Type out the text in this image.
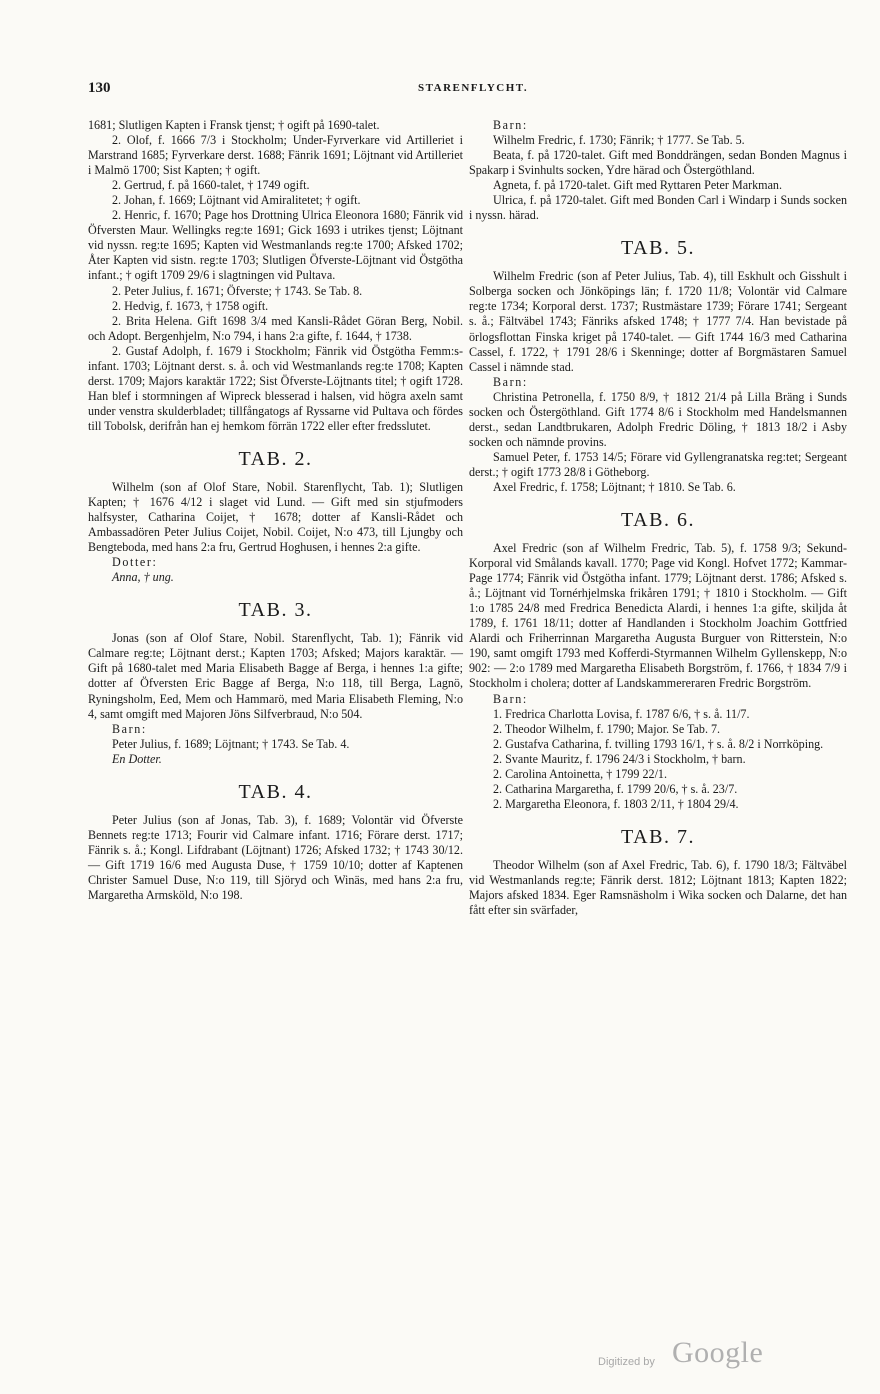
130	STARENFLYCHT.

1681; Slutligen Kapten i Fransk tjenst; † ogift på 1690-talet.

2. Olof, f. 1666 7/3 i Stockholm; Under-Fyrverkare vid Artilleriet i Marstrand 1685; Fyrverkare derst. 1688; Fänrik 1691; Löjtnant vid Artilleriet i Malmö 1700; Sist Kapten; † ogift.

2. Gertrud, f. på 1660-talet, † 1749 ogift.

2. Johan, f. 1669; Löjtnant vid Amiralitetet; † ogift.

2. Henric, f. 1670; Page hos Drottning Ulrica Eleonora 1680; Fänrik vid Öfversten Maur. Wellingks reg:te 1691; Gick 1693 i utrikes tjenst; Löjtnant vid nyssn. reg:te 1695; Kapten vid Westmanlands reg:te 1700; Afsked 1702; Åter Kapten vid sistn. reg:te 1703; Slutligen Öfverste-Löjtnant vid Östgötha infant.; † ogift 1709 29/6 i slagtningen vid Pultava.

2. Peter Julius, f. 1671; Öfverste; † 1743. Se Tab. 8.

2. Hedvig, f. 1673, † 1758 ogift.

2. Brita Helena. Gift 1698 3/4 med Kansli-Rådet Göran Berg, Nobil. och Adopt. Bergenhjelm, N:o 794, i hans 2:a gifte, f. 1644, † 1738.

2. Gustaf Adolph, f. 1679 i Stockholm; Fänrik vid Östgötha Femm:s-infant. 1703; Löjtnant derst. s. å. och vid Westmanlands reg:te 1708; Kapten derst. 1709; Majors karaktär 1722; Sist Öfverste-Löjtnants titel; † ogift 1728. Han blef i stormningen af Wipreck blesserad i halsen, vid högra axeln samt under venstra skulderbladet; tillfångatogs af Ryssarne vid Pultava och fördes till Tobolsk, derifrån han ej hemkom förrän 1722 eller efter fredsslutet.

TAB. 2.

Wilhelm (son af Olof Stare, Nobil. Starenflycht, Tab. 1); Slutligen Kapten; † 1676 4/12 i slaget vid Lund. — Gift med sin stjufmoders halfsyster, Catharina Coijet, † 1678; dotter af Kansli-Rådet och Ambassadören Peter Julius Coijet, Nobil. Coijet, N:o 473, till Ljungby och Bengteboda, med hans 2:a fru, Gertrud Hoghusen, i hennes 2:a gifte.

Dotter:

Anna, † ung.

TAB. 3.

Jonas (son af Olof Stare, Nobil. Starenflycht, Tab. 1); Fänrik vid Calmare reg:te; Löjtnant derst.; Kapten 1703; Afsked; Majors karaktär. — Gift på 1680-talet med Maria Elisabeth Bagge af Berga, i hennes 1:a gifte; dotter af Öfversten Eric Bagge af Berga, N:o 118, till Berga, Lagnö, Ryningsholm, Eed, Mem och Hammarö, med Maria Elisabeth Fleming, N:o 4, samt omgift med Majoren Jöns Silfverbraud, N:o 504.

Barn:

Peter Julius, f. 1689; Löjtnant; † 1743. Se Tab. 4.

En Dotter.

TAB. 4.

Peter Julius (son af Jonas, Tab. 3), f. 1689; Volontär vid Öfverste Bennets reg:te 1713; Fourir vid Calmare infant. 1716; Förare derst. 1717; Fänrik s. å.; Kongl. Lifdrabant (Löjtnant) 1726; Afsked 1732; † 1743 30/12. — Gift 1719 16/6 med Augusta Duse, † 1759 10/10; dotter af Kaptenen Christer Samuel Duse, N:o 119, till Sjöryd och Winäs, med hans 2:a fru, Margaretha Armsköld, N:o 198.

Barn:

Wilhelm Fredric, f. 1730; Fänrik; † 1777. Se Tab. 5.

Beata, f. på 1720-talet. Gift med Bonddrängen, sedan Bonden Magnus i Spakarp i Svinhults socken, Ydre härad och Östergöthland.

Agneta, f. på 1720-talet. Gift med Ryttaren Peter Markman.

Ulrica, f. på 1720-talet. Gift med Bonden Carl i Windarp i Sunds socken i nyssn. härad.

TAB. 5.

Wilhelm Fredric (son af Peter Julius, Tab. 4), till Eskhult och Gisshult i Solberga socken och Jönköpings län; f. 1720 11/8; Volontär vid Calmare reg:te 1734; Korporal derst. 1737; Rustmästare 1739; Förare 1741; Sergeant s. å.; Fältväbel 1743; Fänriks afsked 1748; † 1777 7/4. Han bevistade på örlogsflottan Finska kriget på 1740-talet. — Gift 1744 16/3 med Catharina Cassel, f. 1722, † 1791 28/6 i Skenninge; dotter af Borgmästaren Samuel Cassel i nämnde stad.

Barn:

Christina Petronella, f. 1750 8/9, † 1812 21/4 på Lilla Bräng i Sunds socken och Östergöthland. Gift 1774 8/6 i Stockholm med Handelsmannen derst., sedan Landtbrukaren, Adolph Fredric Döling, † 1813 18/2 i Asby socken och nämnde provins.

Samuel Peter, f. 1753 14/5; Förare vid Gyllengranatska reg:tet; Sergeant derst.; † ogift 1773 28/8 i Götheborg.

Axel Fredric, f. 1758; Löjtnant; † 1810. Se Tab. 6.

TAB. 6.

Axel Fredric (son af Wilhelm Fredric, Tab. 5), f. 1758 9/3; Sekund-Korporal vid Smålands kavall. 1770; Page vid Kongl. Hofvet 1772; Kammar-Page 1774; Fänrik vid Östgötha infant. 1779; Löjtnant derst. 1786; Afsked s. å.; Löjtnant vid Tornérhjelmska frikåren 1791; † 1810 i Stockholm. — Gift 1:o 1785 24/8 med Fredrica Benedicta Alardi, i hennes 1:a gifte, skiljda åt 1789, f. 1761 18/11; dotter af Handlanden i Stockholm Joachim Gottfried Alardi och Friherrinnan Margaretha Augusta Burguer von Ritterstein, N:o 190, samt omgift 1793 med Kofferdi-Styrmannen Wilhelm Gyllenskepp, N:o 902: — 2:o 1789 med Margaretha Elisabeth Borgström, f. 1766, † 1834 7/9 i Stockholm i cholera; dotter af Landskammereraren Fredric Borgström.

Barn:

1. Fredrica Charlotta Lovisa, f. 1787 6/6, † s. å. 11/7.

2. Theodor Wilhelm, f. 1790; Major. Se Tab. 7.

2. Gustafva Catharina, f. tvilling 1793 16/1, † s. å. 8/2 i Norrköping.

2. Svante Mauritz, f. 1796 24/3 i Stockholm, † barn.

2. Carolina Antoinetta, † 1799 22/1.

2. Catharina Margaretha, f. 1799 20/6, † s. å. 23/7.

2. Margaretha Eleonora, f. 1803 2/11, † 1804 29/4.

TAB. 7.

Theodor Wilhelm (son af Axel Fredric, Tab. 6), f. 1790 18/3; Fältväbel vid Westmanlands reg:te; Fänrik derst. 1812; Löjtnant 1813; Kapten 1822; Majors afsked 1834. Eger Ramsnäsholm i Wika socken och Dalarne, det han fått efter sin svärfader,

Digitized by Google
